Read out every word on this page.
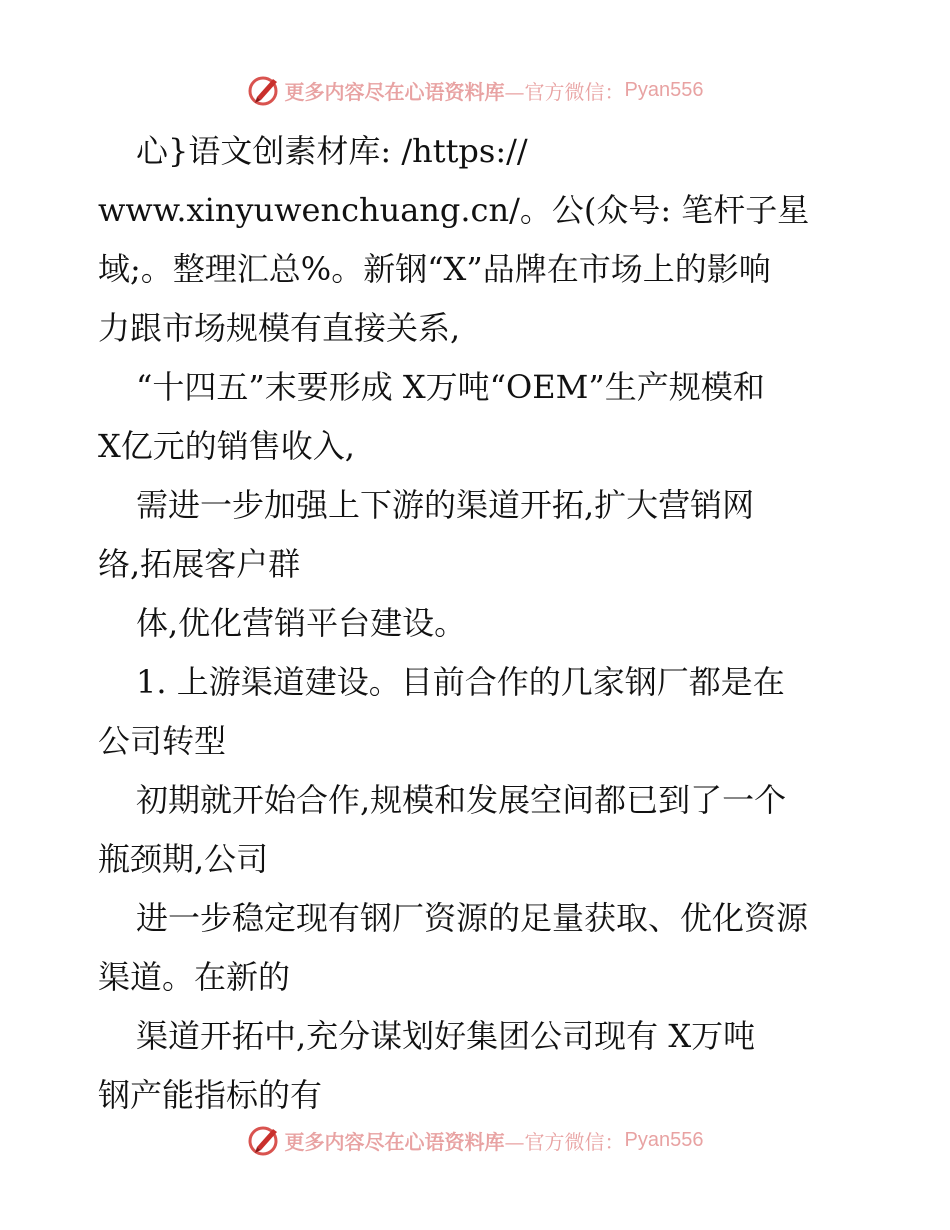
更多内容尽在心语资料库 —官方微信： Pyan556
心}语文创素材库: /https://
www.xinyuwenchuang.cn/。公(众号: 笔杆子星
域;。整理汇总%。新钢“X”品牌在市场上的影响
力跟市场规模有直接关系,
“十四五”末要形成 X万吨“OEM”生产规模和
X亿元的销售收入,
需进一步加强上下游的渠道开拓,扩大营销网
络,拓展客户群
体,优化营销平台建设。
1. 上游渠道建设。目前合作的几家钢厂都是在
公司转型
初期就开始合作,规模和发展空间都已到了一个
瓶颈期,公司
进一步稳定现有钢厂资源的足量获取、优化资源
渠道。在新的
渠道开拓中,充分谋划好集团公司现有 X万吨
钢产能指标的有
更多内容尽在心语资料库 —官方微信： Pyan556
